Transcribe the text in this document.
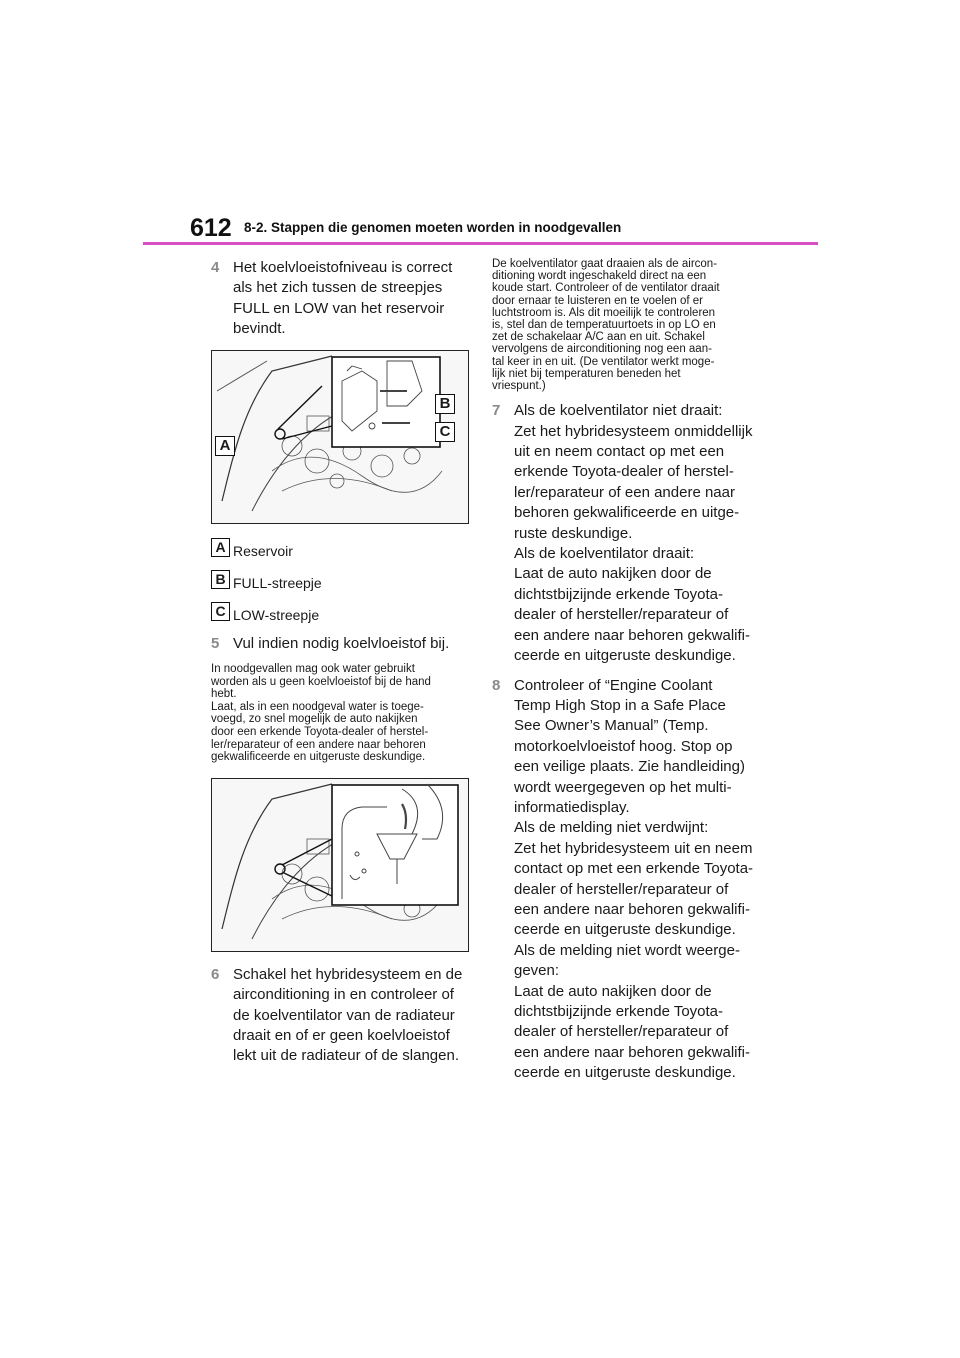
612 8-2. Stappen die genomen moeten worden in noodgevallen
4 Het koelvloeistofniveau is correct
als het zich tussen de streepjes
FULL en LOW van het reservoir
bevindt.
A
B
C
A Reservoir
B FULL-streepje
C LOW-streepje
5 Vul indien nodig koelvloeistof bij.
In noodgevallen mag ook water gebruikt
worden als u geen koelvloeistof bij de hand
hebt.
Laat, als in een noodgeval water is toege-
voegd, zo snel mogelijk de auto nakijken
door een erkende Toyota-dealer of herstel-
ler/reparateur of een andere naar behoren
gekwalificeerde en uitgeruste deskundige.
6 Schakel het hybridesysteem en de
airconditioning in en controleer of
de koelventilator van de radiateur
draait en of er geen koelvloeistof
lekt uit de radiateur of de slangen.
De koelventilator gaat draaien als de aircon-
ditioning wordt ingeschakeld direct na een
koude start. Controleer of de ventilator draait
door ernaar te luisteren en te voelen of er
luchtstroom is. Als dit moeilijk te controleren
is, stel dan de temperatuurtoets in op LO en
zet de schakelaar A/C aan en uit. Schakel
vervolgens de airconditioning nog een aan-
tal keer in en uit. (De ventilator werkt moge-
lijk niet bij temperaturen beneden het
vriespunt.)
7 Als de koelventilator niet draait:
Zet het hybridesysteem onmiddellijk
uit en neem contact op met een
erkende Toyota-dealer of herstel-
ler/reparateur of een andere naar
behoren gekwalificeerde en uitge-
ruste deskundige.
Als de koelventilator draait:
Laat de auto nakijken door de
dichtstbijzijnde erkende Toyota-
dealer of hersteller/reparateur of
een andere naar behoren gekwalifi-
ceerde en uitgeruste deskundige.
8 Controleer of “Engine Coolant
Temp High Stop in a Safe Place
See Owner’s Manual” (Temp.
motorkoelvloeistof hoog. Stop op
een veilige plaats. Zie handleiding)
wordt weergegeven op het multi-
informatiedisplay.
Als de melding niet verdwijnt:
Zet het hybridesysteem uit en neem
contact op met een erkende Toyota-
dealer of hersteller/reparateur of
een andere naar behoren gekwalifi-
ceerde en uitgeruste deskundige.
Als de melding niet wordt weerge-
geven:
Laat de auto nakijken door de
dichtstbijzijnde erkende Toyota-
dealer of hersteller/reparateur of
een andere naar behoren gekwalifi-
ceerde en uitgeruste deskundige.
